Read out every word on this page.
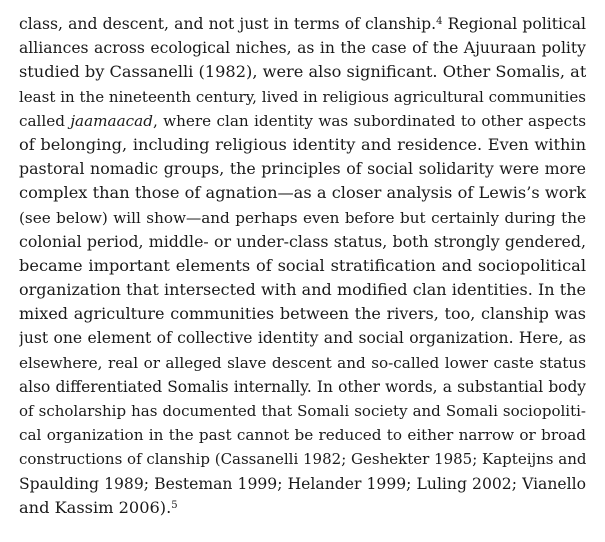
class, and descent, and not just in terms of clanship.$^4$ Regional political
alliances across ecological niches, as in the case of the Ajuuraan polity
studied by Cassanelli (1982), were also significant. Other Somalis, at
least in the nineteenth century, lived in religious agricultural communities
called jaamaacad, where clan identity was subordinated to other aspects
of belonging, including religious identity and residence. Even within
pastoral nomadic groups, the principles of social solidarity were more
complex than those of agnation—as a closer analysis of Lewis’s work
(see below) will show—and perhaps even before but certainly during the
colonial period, middle- or under-class status, both strongly gendered,
became important elements of social stratification and sociopolitical
organization that intersected with and modified clan identities. In the
mixed agriculture communities between the rivers, too, clanship was
just one element of collective identity and social organization. Here, as
elsewhere, real or alleged slave descent and so-called lower caste status
also differentiated Somalis internally. In other words, a substantial body
of scholarship has documented that Somali society and Somali sociopoliti-
cal organization in the past cannot be reduced to either narrow or broad
constructions of clanship (Cassanelli 1982; Geshekter 1985; Kapteijns and
Spaulding 1989; Besteman 1999; Helander 1999; Luling 2002; Vianello
and Kassim 2006).$^5$
